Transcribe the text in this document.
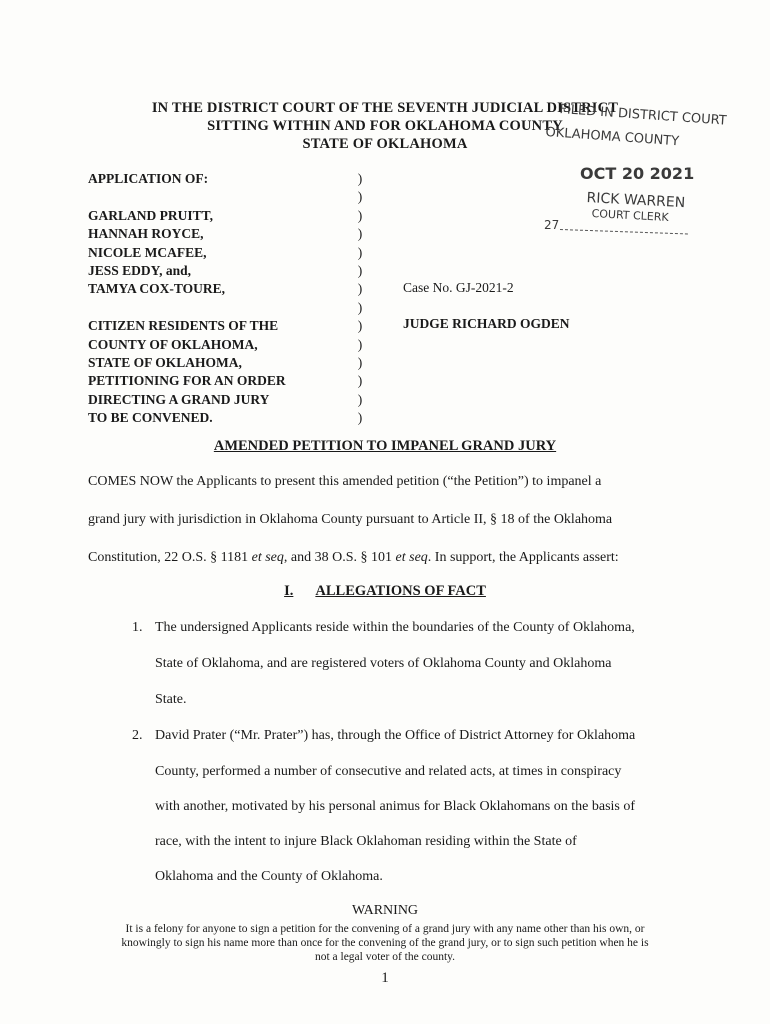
IN THE DISTRICT COURT OF THE SEVENTH JUDICIAL DISTRICT
SITTING WITHIN AND FOR OKLAHOMA COUNTY
STATE OF OKLAHOMA
FILED IN DISTRICT COURT
OKLAHOMA COUNTY
OCT 20 2021
RICK WARREN
COURT CLERK
27
APPLICATION OF:
GARLAND PRUITT,
HANNAH ROYCE,
NICOLE MCAFEE,
JESS EDDY, and,
TAMYA COX-TOURE,
CITIZEN RESIDENTS OF THE
COUNTY OF OKLAHOMA,
STATE OF OKLAHOMA,
PETITIONING FOR AN ORDER
DIRECTING A GRAND JURY
TO BE CONVENED.
)
)
)
)
)
)
)
)
)
)
)
)
)
)
Case No. GJ-2021-2
JUDGE RICHARD OGDEN
AMENDED PETITION TO IMPANEL GRAND JURY
COMES NOW the Applicants to present this amended petition (“the Petition”) to impanel a
grand jury with jurisdiction in Oklahoma County pursuant to Article II, § 18 of the Oklahoma
Constitution, 22 O.S. § 1181 et seq, and 38 O.S. § 101 et seq. In support, the Applicants assert:
I. ALLEGATIONS OF FACT
1. The undersigned Applicants reside within the boundaries of the County of Oklahoma,
State of Oklahoma, and are registered voters of Oklahoma County and Oklahoma
State.
2. David Prater (“Mr. Prater”) has, through the Office of District Attorney for Oklahoma
County, performed a number of consecutive and related acts, at times in conspiracy
with another, motivated by his personal animus for Black Oklahomans on the basis of
race, with the intent to injure Black Oklahoman residing within the State of
Oklahoma and the County of Oklahoma.
WARNING
It is a felony for anyone to sign a petition for the convening of a grand jury with any name other than his own, or
knowingly to sign his name more than once for the convening of the grand jury, or to sign such petition when he is
not a legal voter of the county.
1
